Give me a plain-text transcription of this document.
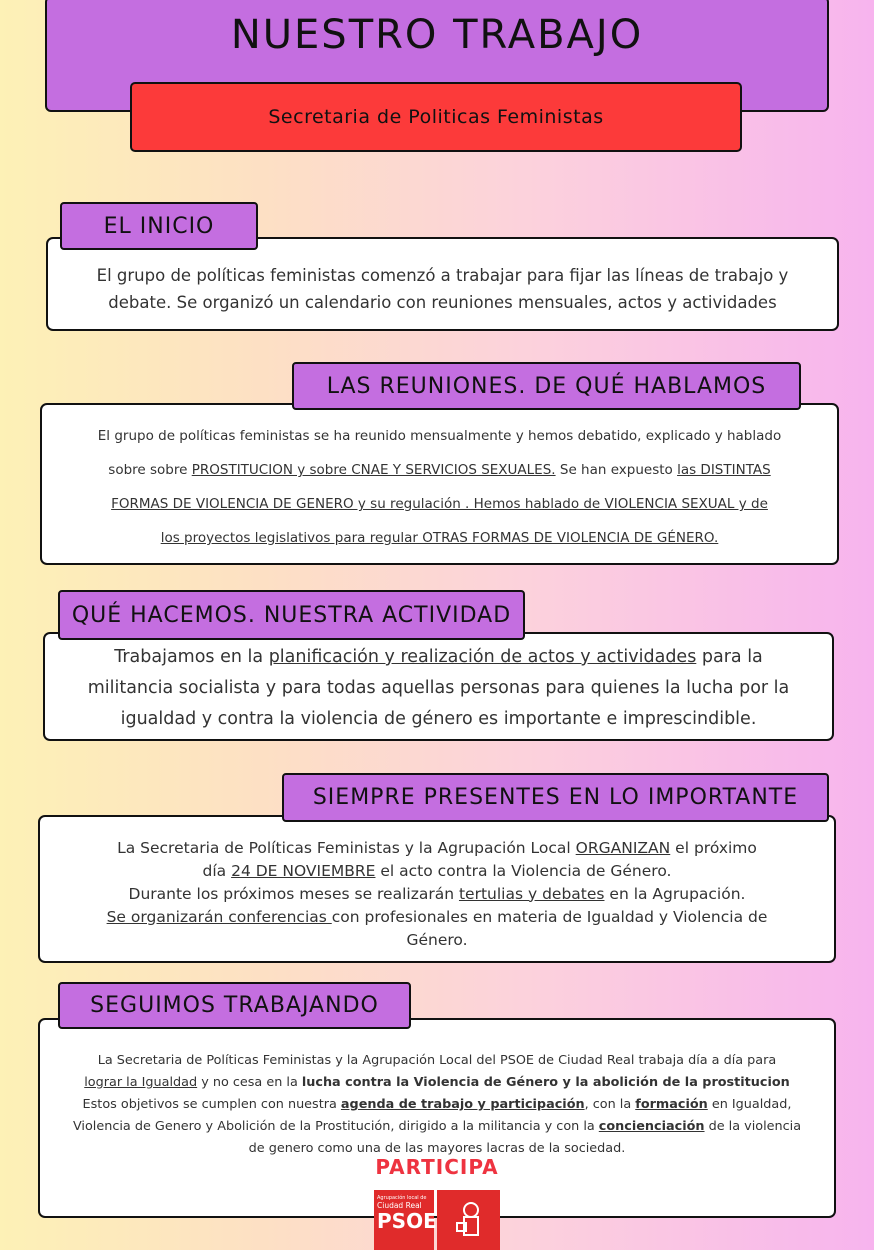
NUESTRO TRABAJO
Secretaria de Politicas Feministas
EL INICIO
El grupo de políticas feministas comenzó a trabajar para fijar las líneas de trabajo y
debate. Se organizó un calendario con reuniones mensuales, actos y actividades
LAS REUNIONES. DE QUÉ HABLAMOS
El grupo de políticas feministas se ha reunido mensualmente y hemos debatido, explicado y hablado
sobre sobre PROSTITUCION y sobre CNAE Y SERVICIOS SEXUALES. Se han expuesto las DISTINTAS
FORMAS DE VIOLENCIA DE GENERO y su regulación . Hemos hablado de VIOLENCIA SEXUAL y de
los proyectos legislativos para regular OTRAS FORMAS DE VIOLENCIA DE GÉNERO.
QUÉ HACEMOS. NUESTRA ACTIVIDAD
Trabajamos en la planificación y realización de actos y actividades para la
militancia socialista y para todas aquellas personas para quienes la lucha por la
igualdad y contra la violencia de género es importante e imprescindible.
SIEMPRE PRESENTES EN LO IMPORTANTE
La Secretaria de Políticas Feministas y la Agrupación Local ORGANIZAN el próximo
día 24 DE NOVIEMBRE el acto contra la Violencia de Género.
Durante los próximos meses se realizarán tertulias y debates en la Agrupación.
Se organizarán conferencias con profesionales en materia de Igualdad y Violencia de
Género.
SEGUIMOS TRABAJANDO
La Secretaria de Políticas Feministas y la Agrupación Local del PSOE de Ciudad Real trabaja día a día para
lograr la Igualdad y no cesa en la lucha contra la Violencia de Género y la abolición de la prostitucion
Estos objetivos se cumplen con nuestra agenda de trabajo y participación, con la formación en Igualdad,
Violencia de Genero y Abolición de la Prostitución, dirigido a la militancia y con la concienciación de la violencia
de genero como una de las mayores lacras de la sociedad.
PARTICIPA
Agrupación local de
Ciudad Real
PSOE
